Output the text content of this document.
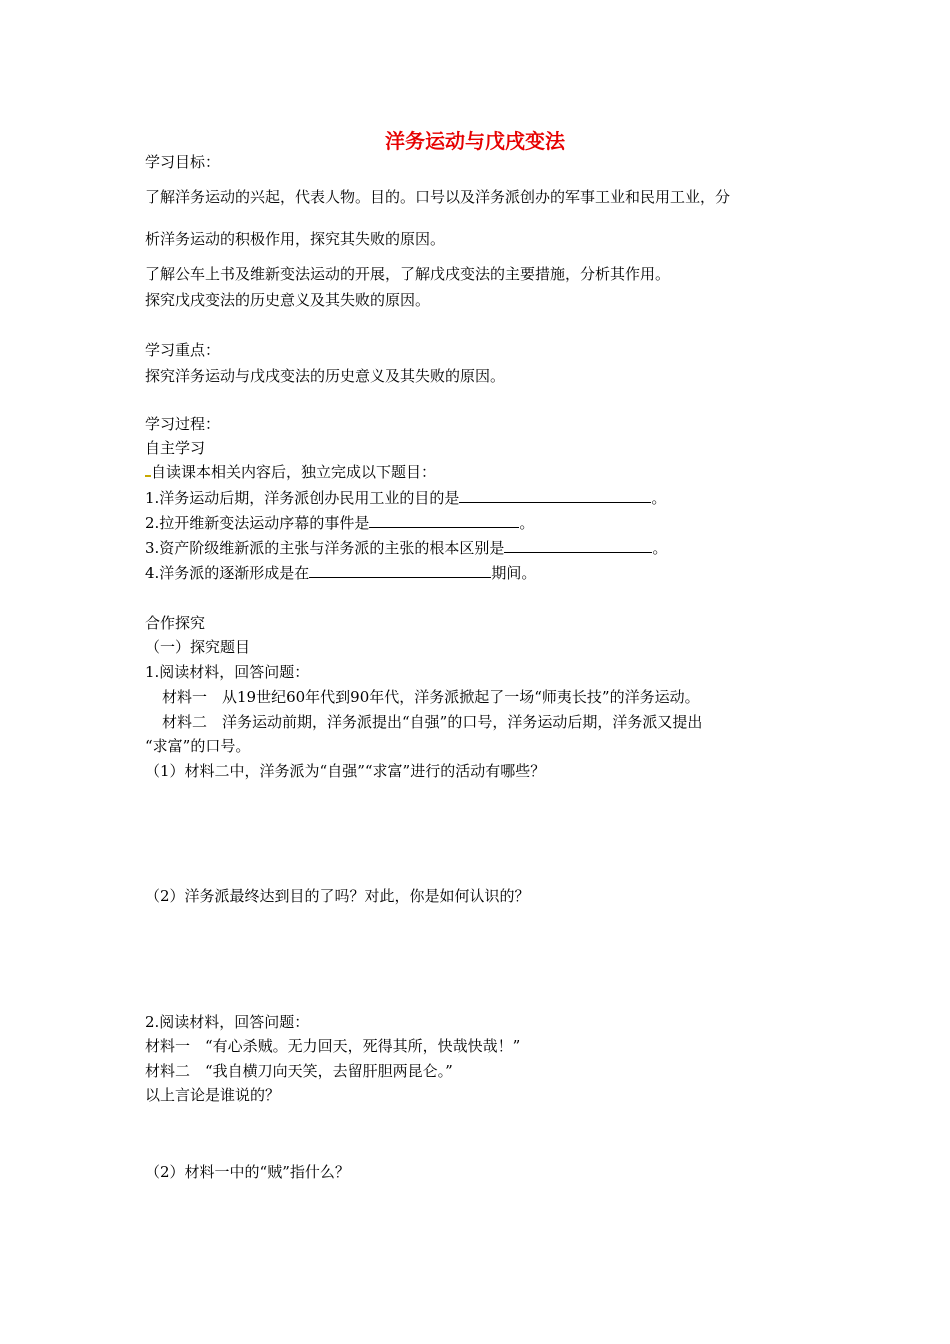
洋务运动与戊戌变法
学习目标：
了解洋务运动的兴起，代表人物。目的。口号以及洋务派创办的军事工业和民用工业，分
析洋务运动的积极作用，探究其失败的原因。
了解公车上书及维新变法运动的开展，了解戊戌变法的主要措施，分析其作用。
探究戊戌变法的历史意义及其失败的原因。
学习重点：
探究洋务运动与戊戌变法的历史意义及其失败的原因。
学习过程：
自主学习
自读课本相关内容后，独立完成以下题目：
1.洋务运动后期，洋务派创办民用工业的目的是	。
2.拉开维新变法运动序幕的事件是	。
3.资产阶级维新派的主张与洋务派的主张的根本区别是	。
4.洋务派的逐渐形成是在	期间。
合作探究
（一）探究题目
1.阅读材料，回答问题：
材料一　从19世纪60年代到90年代，洋务派掀起了一场“师夷长技”的洋务运动。
材料二　洋务运动前期，洋务派提出“自强”的口号，洋务运动后期，洋务派又提出
“求富”的口号。
（1）材料二中，洋务派为“自强”“求富”进行的活动有哪些？
（2）洋务派最终达到目的了吗？对此，你是如何认识的？
2.阅读材料，回答问题：
材料一　“有心杀贼。无力回天，死得其所，快哉快哉！”
材料二　“我自横刀向天笑，去留肝胆两昆仑。”
以上言论是谁说的？
（2）材料一中的“贼”指什么？
